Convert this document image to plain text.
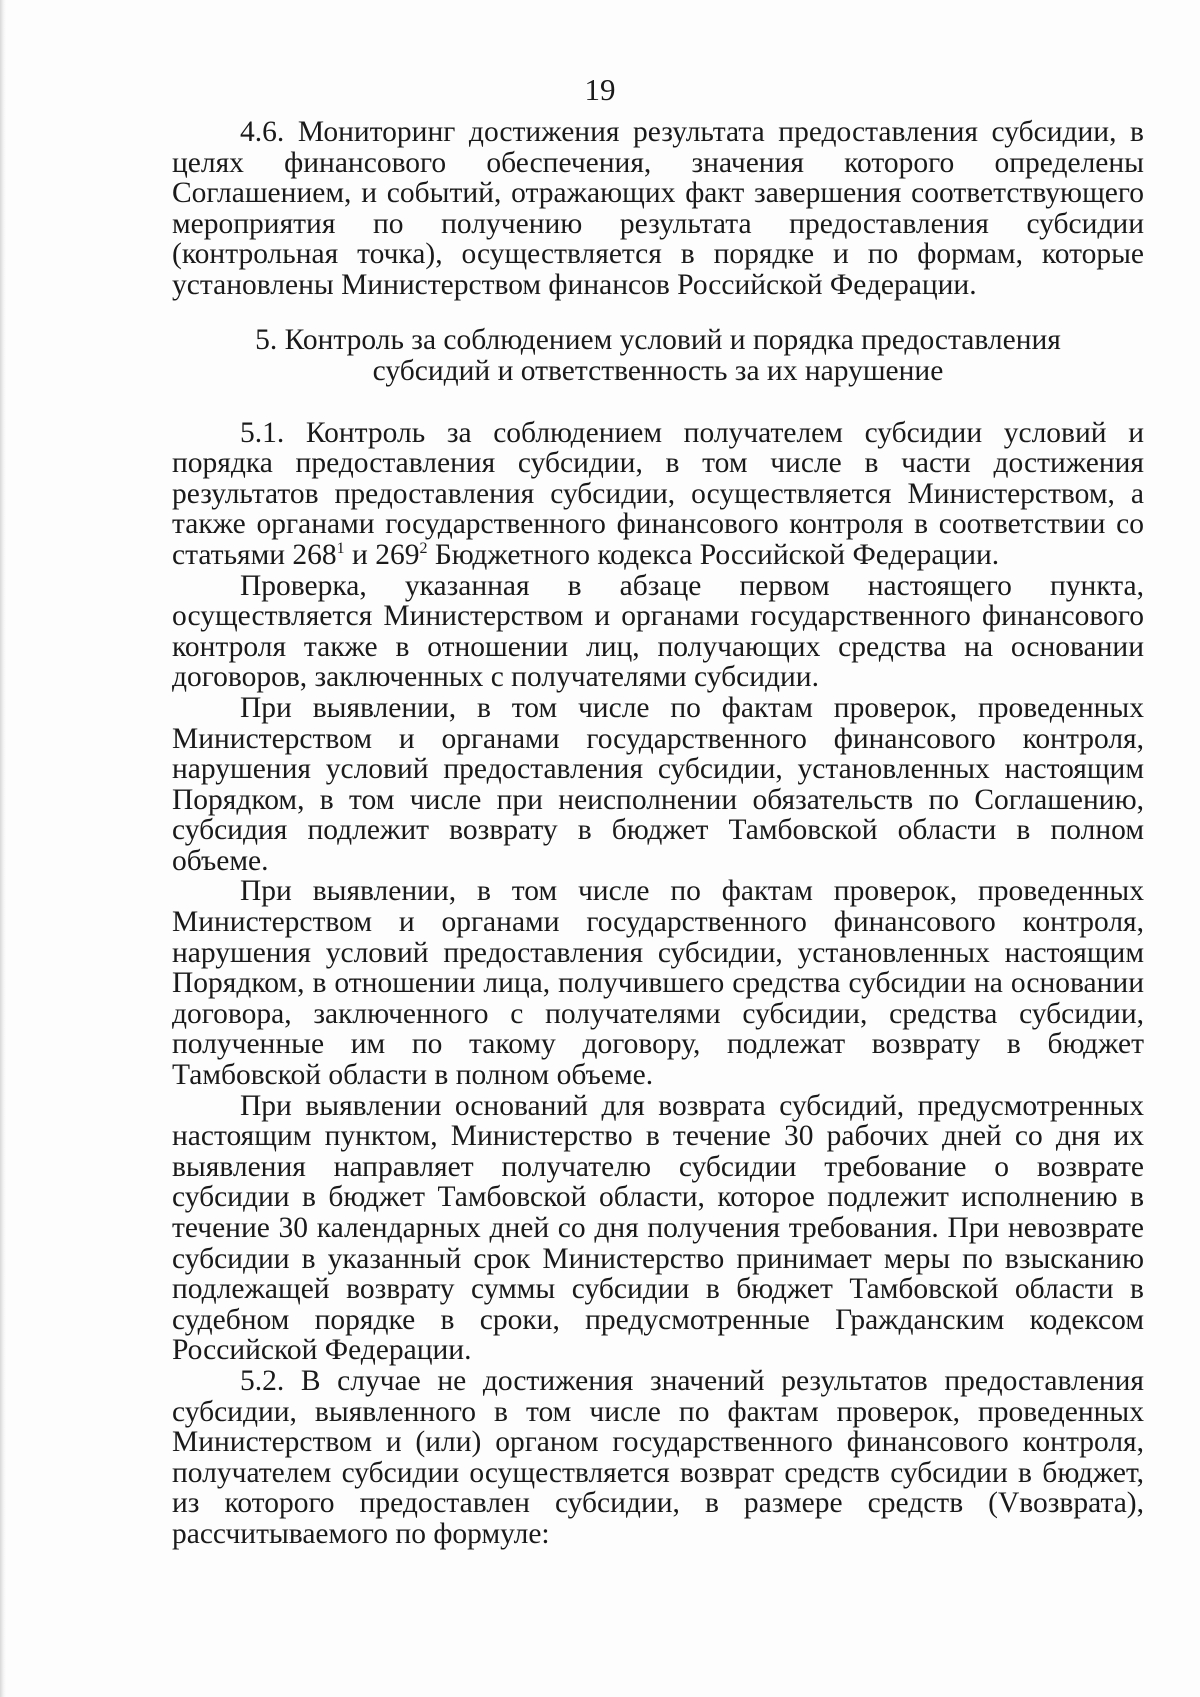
19

4.6. Мониторинг достижения результата предоставления субсидии, в целях финансового обеспечения, значения которого определены Соглашением, и событий, отражающих факт завершения соответствующего мероприятия по получению результата предоставления субсидии (контрольная точка), осуществляется в порядке и по формам, которые установлены Министерством финансов Российской Федерации.

5. Контроль за соблюдением условий и порядка предоставления
субсидий и ответственность за их нарушение

5.1. Контроль за соблюдением получателем субсидии условий и порядка предоставления субсидии, в том числе в части достижения результатов предоставления субсидии, осуществляется Министерством, а также органами государственного финансового контроля в соответствии со статьями $268^1$ и $269^2$ Бюджетного кодекса Российской Федерации.

Проверка, указанная в абзаце первом настоящего пункта, осуществляется Министерством и органами государственного финансового контроля также в отношении лиц, получающих средства на основании договоров, заключенных с получателями субсидии.

При выявлении, в том числе по фактам проверок, проведенных Министерством и органами государственного финансового контроля, нарушения условий предоставления субсидии, установленных настоящим Порядком, в том числе при неисполнении обязательств по Соглашению, субсидия подлежит возврату в бюджет Тамбовской области в полном объеме.

При выявлении, в том числе по фактам проверок, проведенных Министерством и органами государственного финансового контроля, нарушения условий предоставления субсидии, установленных настоящим Порядком, в отношении лица, получившего средства субсидии на основании договора, заключенного с получателями субсидии, средства субсидии, полученные им по такому договору, подлежат возврату в бюджет Тамбовской области в полном объеме.

При выявлении оснований для возврата субсидий, предусмотренных настоящим пунктом, Министерство в течение 30 рабочих дней со дня их выявления направляет получателю субсидии требование о возврате субсидии в бюджет Тамбовской области, которое подлежит исполнению в течение 30 календарных дней со дня получения требования. При невозврате субсидии в указанный срок Министерство принимает меры по взысканию подлежащей возврату суммы субсидии в бюджет Тамбовской области в судебном порядке в сроки, предусмотренные Гражданским кодексом Российской Федерации.

5.2. В случае не достижения значений результатов предоставления субсидии, выявленного в том числе по фактам проверок, проведенных Министерством и (или) органом государственного финансового контроля, получателем субсидии осуществляется возврат средств субсидии в бюджет, из которого предоставлен субсидии, в размере средств (Vвозврата), рассчитываемого по формуле:
